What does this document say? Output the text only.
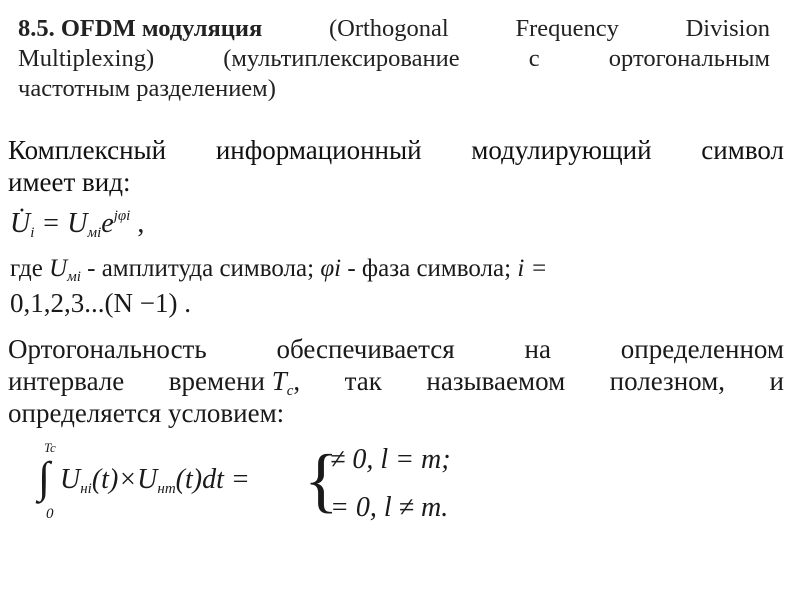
8.5. OFDM модуляция	(Orthogonal	Frequency	Division
Multiplexing)	(мультиплексирование	с	ортогональным
частотным разделением)
Комплексный информационный модулирующий символ
имеет вид:
$U̇_i = U_{мi}e^{j\varphi i}$ ,
где $U_{мi}$ - амплитуда символа; φi - фаза символа; i =
0,1,2,3...(N −1) .
Ортогональность	обеспечивается	на	определенном
интервале времени $T_c$, так называемом полезном, и
определяется условием:
Tc
∫
0
$U_{нi}(t)\times U_{нm}(t)dt$ = {
≠ 0, l = m;
= 0, l ≠ m.
